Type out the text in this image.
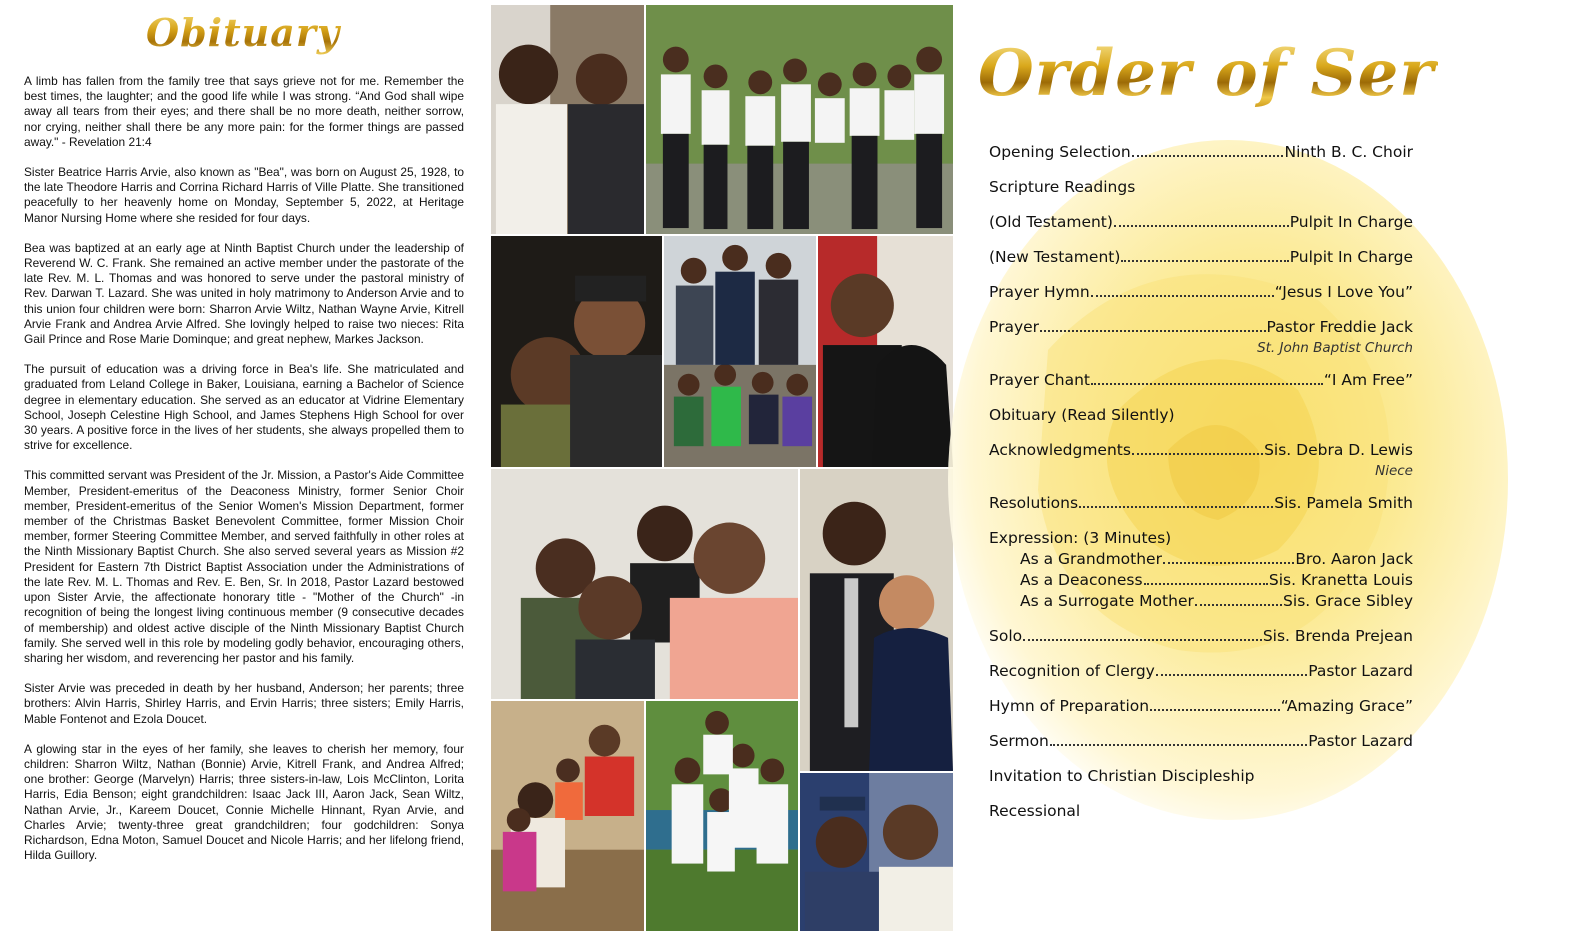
Obituary

A limb has fallen from the family tree that says grieve not for me. Remember the best times, the laughter; and the good life while I was strong. “And God shall wipe away all tears from their eyes; and there shall be no more death, neither sorrow, nor crying, neither shall there be any more pain: for the former things are passed away." - Revelation 21:4

Sister Beatrice Harris Arvie, also known as "Bea", was born on August 25, 1928, to the late Theodore Harris and Corrina Richard Harris of Ville Platte. She transitioned peacefully to her heavenly home on Monday, September 5, 2022, at Heritage Manor Nursing Home where she resided for four days.

Bea was baptized at an early age at Ninth Baptist Church under the leadership of Reverend W. C. Frank. She remained an active member under the pastorate of the late Rev. M. L. Thomas and was honored to serve under the pastoral ministry of Rev. Darwan T. Lazard. She was united in holy matrimony to Anderson Arvie and to this union four children were born: Sharron Arvie Wiltz, Nathan Wayne Arvie, Kitrell Arvie Frank and Andrea Arvie Alfred. She lovingly helped to raise two nieces: Rita Gail Prince and Rose Marie Dominque; and great nephew, Markes Jackson.

The pursuit of education was a driving force in Bea's life. She matriculated and graduated from Leland College in Baker, Louisiana, earning a Bachelor of Science degree in elementary education. She served as an educator at Vidrine Elementary School, Joseph Celestine High School, and James Stephens High School for over 30 years. A positive force in the lives of her students, she always propelled them to strive for excellence.

This committed servant was President of the Jr. Mission, a Pastor's Aide Committee Member, President-emeritus of the Deaconess Ministry, former Senior Choir member, President-emeritus of the Senior Women's Mission Department, former member of the Christmas Basket Benevolent Committee, former Mission Choir member, former Steering Committee Member, and served faithfully in other roles at the Ninth Missionary Baptist Church. She also served several years as Mission #2 President for Eastern 7th District Baptist Association under the Administrations of the late Rev. M. L. Thomas and Rev. E. Ben, Sr. In 2018, Pastor Lazard bestowed upon Sister Arvie, the affectionate honorary title - "Mother of the Church" -in recognition of being the longest living continuous member (9 consecutive decades of membership) and oldest active disciple of the Ninth Missionary Baptist Church family. She served well in this role by modeling godly behavior, encouraging others, sharing her wisdom, and reverencing her pastor and his family.

Sister Arvie was preceded in death by her husband, Anderson; her parents; three brothers: Alvin Harris, Shirley Harris, and Ervin Harris; three sisters; Emily Harris, Mable Fontenot and Ezola Doucet.

A glowing star in the eyes of her family, she leaves to cherish her memory, four children: Sharron Wiltz, Nathan (Bonnie) Arvie, Kitrell Frank, and Andrea Alfred; one brother: George (Marvelyn) Harris; three sisters-in-law, Lois McClinton, Lorita Harris, Edia Benson; eight grandchildren: Isaac Jack III, Aaron Jack, Sean Wiltz, Nathan Arvie, Jr., Kareem Doucet, Connie Michelle Hinnant, Ryan Arvie, and Charles Arvie; twenty-three great grandchildren; four godchildren: Sonya Richardson, Edna Moton, Samuel Doucet and Nicole Harris; and her lifelong friend, Hilda Guillory.

Order of Service
Opening Selection	Ninth B. C. Choir
Scripture Readings
(Old Testament)	Pulpit In Charge
(New Testament)	Pulpit In Charge
Prayer Hymn	“Jesus I Love You”
Prayer	Pastor Freddie Jack
St. John Baptist Church
Prayer Chant	“I Am Free”
Obituary (Read Silently)
Acknowledgments	Sis. Debra D. Lewis
Niece
Resolutions	Sis. Pamela Smith
Expression: (3 Minutes)
As a Grandmother	Bro. Aaron Jack
As a Deaconess	Sis. Kranetta Louis
As a Surrogate Mother	Sis. Grace Sibley
Solo	Sis. Brenda Prejean
Recognition of Clergy	Pastor Lazard
Hymn of Preparation	“Amazing Grace”
Sermon	Pastor Lazard
Invitation to Christian Discipleship
Recessional
